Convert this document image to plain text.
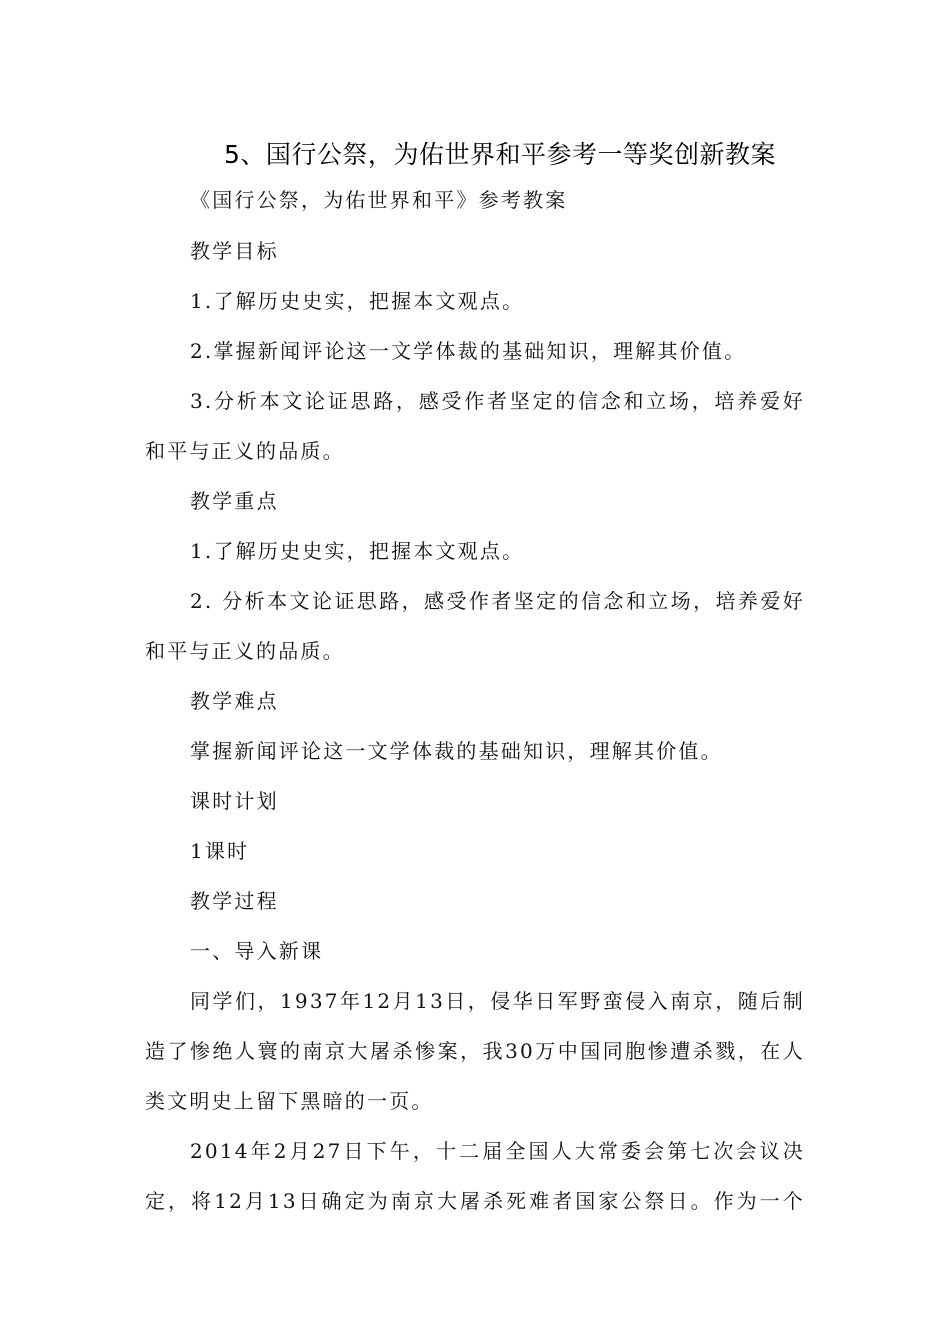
5、国行公祭，为佑世界和平参考一等奖创新教案
《国行公祭，为佑世界和平》参考教案
教学目标
1.了解历史史实，把握本文观点。
2.掌握新闻评论这一文学体裁的基础知识，理解其价值。
3.分析本文论证思路，感受作者坚定的信念和立场，培养爱好
和平与正义的品质。
教学重点
1.了解历史史实，把握本文观点。
2. 分析本文论证思路，感受作者坚定的信念和立场，培养爱好
和平与正义的品质。
教学难点
掌握新闻评论这一文学体裁的基础知识，理解其价值。
课时计划
1课时
教学过程
一、导入新课
同学们，1937年12月13日，侵华日军野蛮侵入南京，随后制
造了惨绝人寰的南京大屠杀惨案，我30万中国同胞惨遭杀戮，在人
类文明史上留下黑暗的一页。
2014年2月27日下午，十二届全国人大常委会第七次会议决
定，将12月13日确定为南京大屠杀死难者国家公祭日。作为一个
